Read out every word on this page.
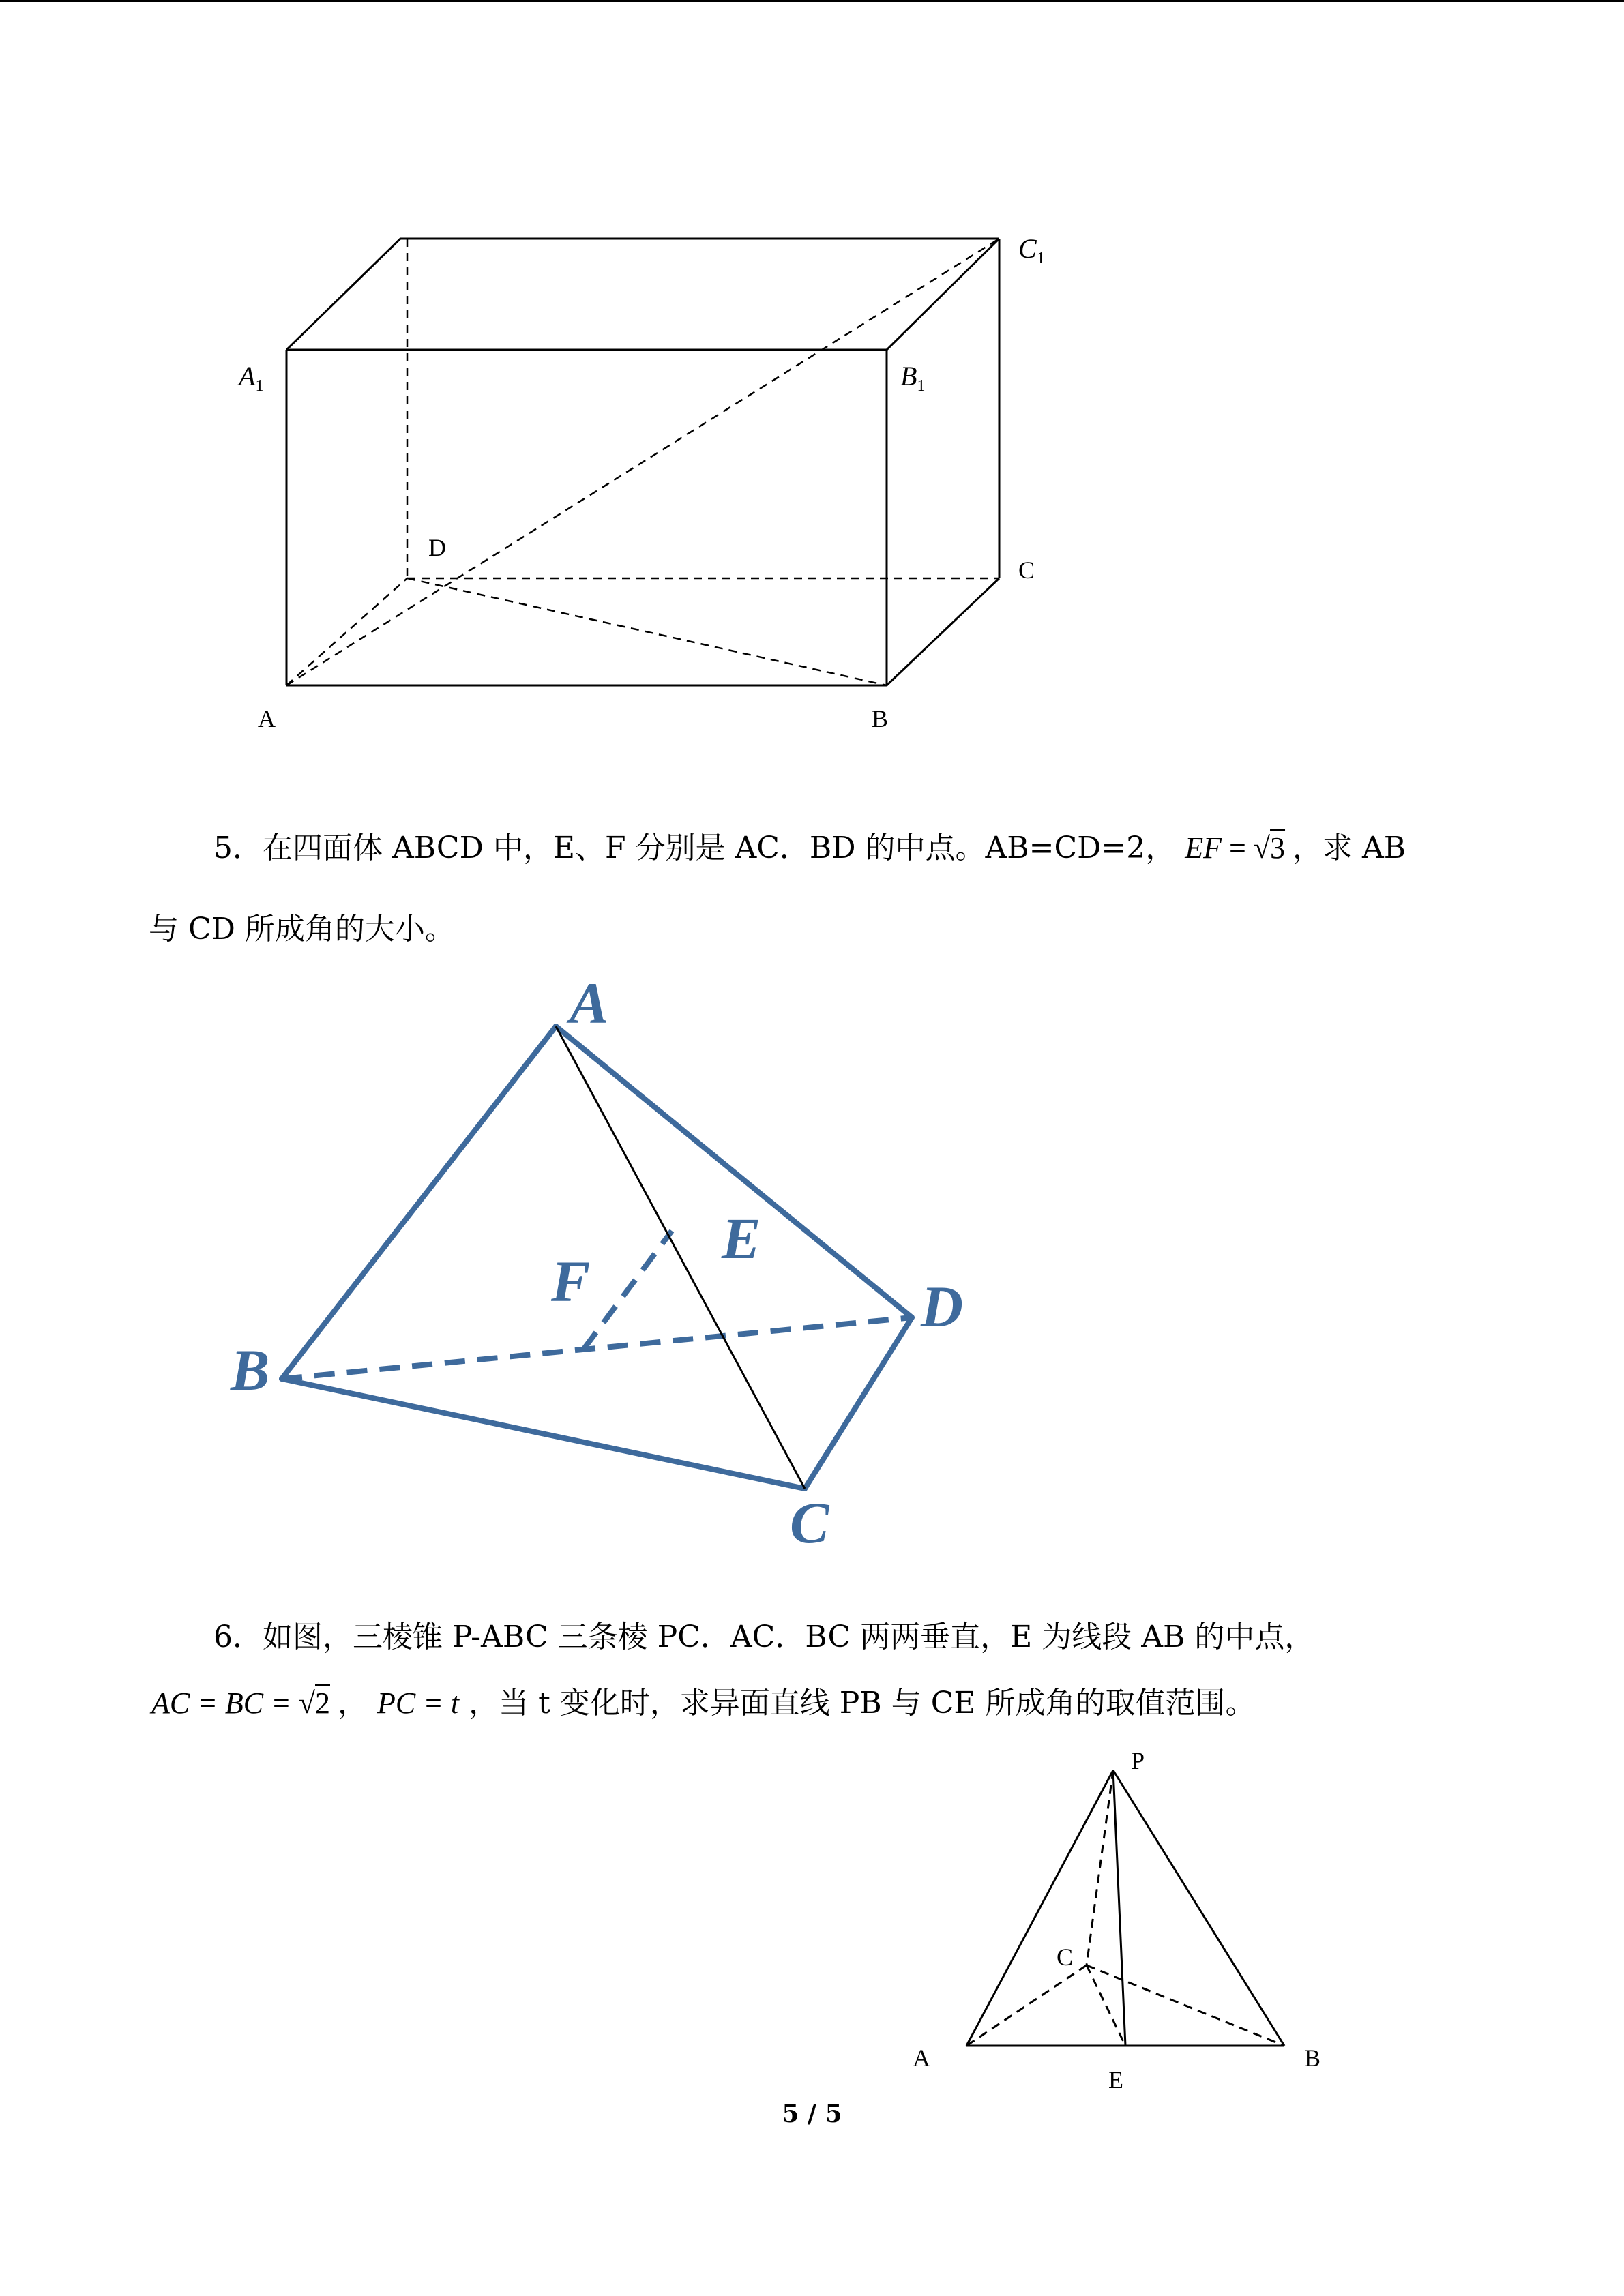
A	B
C
D
$A_1$	$B_1$
$C_1$
5．在四面体 ABCD 中，E、F 分别是 AC．BD 的中点。AB=CD=2， EF = √3 ，求 AB
与 CD 所成角的大小。
A
B
C
D
E
F
6．如图，三棱锥 P-ABC 三条棱 PC．AC．BC 两两垂直，E 为线段 AB 的中点，
AC = BC = √2 ， PC = t ，当 t 变化时，求异面直线 PB 与 CE 所成角的取值范围。
P
C
A	B
E
5 / 5
